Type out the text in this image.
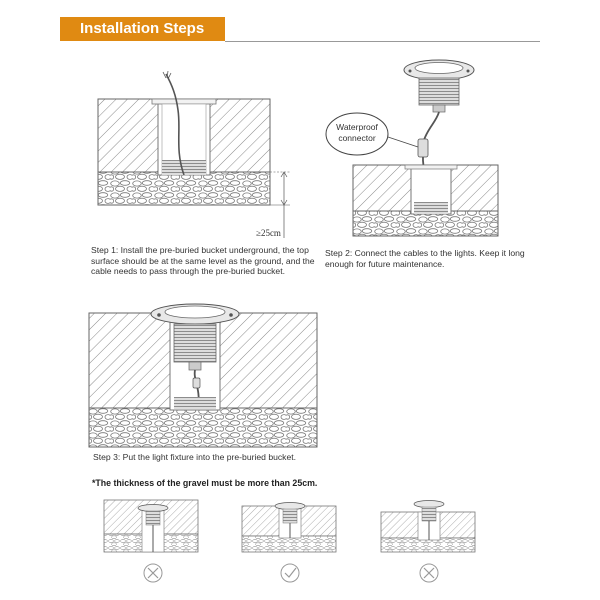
Installation Steps
≥25cm
Waterproof
connector
Step 1: Install the pre-buried bucket underground, the top surface should be at the same level as the ground, and the cable needs to pass through the pre-buried bucket.
Step 2: Connect the cables to the lights. Keep it long enough for future maintenance.
Step 3: Put the light fixture into the pre-buried bucket.
*The thickness of the gravel must be more than 25cm.
